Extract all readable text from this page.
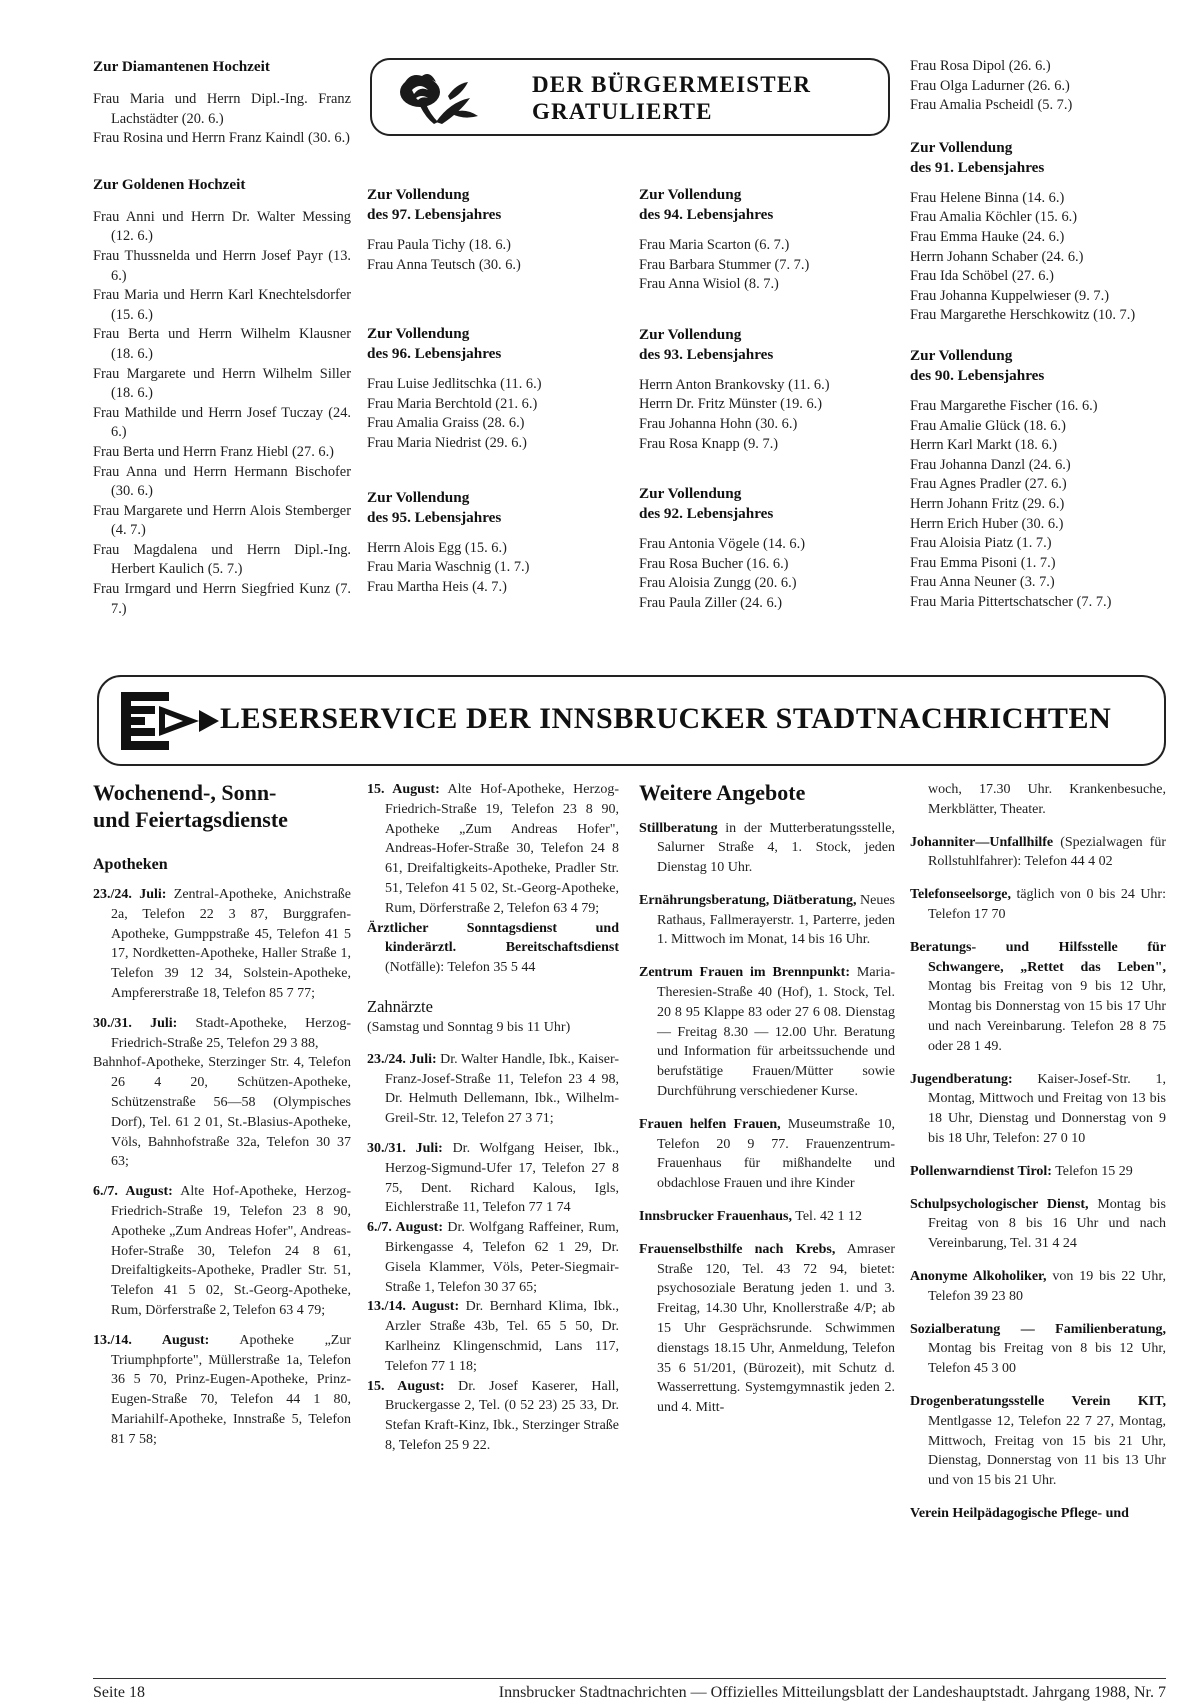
Zur Diamantenen Hochzeit
Frau Maria und Herrn Dipl.-Ing. Franz Lachstädter (20. 6.)
Frau Rosina und Herrn Franz Kaindl (30. 6.)
Zur Goldenen Hochzeit
Frau Anni und Herrn Dr. Walter Messing (12. 6.)
Frau Thussnelda und Herrn Josef Payr (13. 6.)
Frau Maria und Herrn Karl Knechtelsdorfer (15. 6.)
Frau Berta und Herrn Wilhelm Klausner (18. 6.)
Frau Margarete und Herrn Wilhelm Siller (18. 6.)
Frau Mathilde und Herrn Josef Tuczay (24. 6.)
Frau Berta und Herrn Franz Hiebl (27. 6.)
Frau Anna und Herrn Hermann Bischofer (30. 6.)
Frau Margarete und Herrn Alois Stemberger (4. 7.)
Frau Magdalena und Herrn Dipl.-Ing. Herbert Kaulich (5. 7.)
Frau Irmgard und Herrn Siegfried Kunz (7. 7.)
DER BÜRGERMEISTER
GRATULIERTE
Zur Vollendung
des 97. Lebensjahres
Frau Paula Tichy (18. 6.)
Frau Anna Teutsch (30. 6.)
Zur Vollendung
des 96. Lebensjahres
Frau Luise Jedlitschka (11. 6.)
Frau Maria Berchtold (21. 6.)
Frau Amalia Graiss (28. 6.)
Frau Maria Niedrist (29. 6.)
Zur Vollendung
des 95. Lebensjahres
Herrn Alois Egg (15. 6.)
Frau Maria Waschnig (1. 7.)
Frau Martha Heis (4. 7.)
Zur Vollendung
des 94. Lebensjahres
Frau Maria Scarton (6. 7.)
Frau Barbara Stummer (7. 7.)
Frau Anna Wisiol (8. 7.)
Zur Vollendung
des 93. Lebensjahres
Herrn Anton Brankovsky (11. 6.)
Herrn Dr. Fritz Münster (19. 6.)
Frau Johanna Hohn (30. 6.)
Frau Rosa Knapp (9. 7.)
Zur Vollendung
des 92. Lebensjahres
Frau Antonia Vögele (14. 6.)
Frau Rosa Bucher (16. 6.)
Frau Aloisia Zungg (20. 6.)
Frau Paula Ziller (24. 6.)
Frau Rosa Dipol (26. 6.)
Frau Olga Ladurner (26. 6.)
Frau Amalia Pscheidl (5. 7.)
Zur Vollendung
des 91. Lebensjahres
Frau Helene Binna (14. 6.)
Frau Amalia Köchler (15. 6.)
Frau Emma Hauke (24. 6.)
Herrn Johann Schaber (24. 6.)
Frau Ida Schöbel (27. 6.)
Frau Johanna Kuppelwieser (9. 7.)
Frau Margarethe Herschkowitz (10. 7.)
Zur Vollendung
des 90. Lebensjahres
Frau Margarethe Fischer (16. 6.)
Frau Amalie Glück (18. 6.)
Herrn Karl Markt (18. 6.)
Frau Johanna Danzl (24. 6.)
Frau Agnes Pradler (27. 6.)
Herrn Johann Fritz (29. 6.)
Herrn Erich Huber (30. 6.)
Frau Aloisia Piatz (1. 7.)
Frau Emma Pisoni (1. 7.)
Frau Anna Neuner (3. 7.)
Frau Maria Pittertschatscher (7. 7.)
LESERSERVICE DER INNSBRUCKER STADTNACHRICHTEN
Wochenend-, Sonn- und Feiertagsdienste
Apotheken
23./24. Juli: Zentral-Apotheke, Anichstraße 2a, Telefon 22 3 87, Burggrafen-Apotheke, Gumppstraße 45, Telefon 41 5 17, Nordketten-Apotheke, Haller Straße 1, Telefon 39 12 34, Solstein-Apotheke, Ampfererstraße 18, Telefon 85 7 77;
30./31. Juli: Stadt-Apotheke, Herzog-Friedrich-Straße 25, Telefon 29 3 88,
Bahnhof-Apotheke, Sterzinger Str. 4, Telefon 26 4 20, Schützen-Apotheke, Schützenstraße 56—58 (Olympisches Dorf), Tel. 61 2 01, St.-Blasius-Apotheke, Völs, Bahnhofstraße 32a, Telefon 30 37 63;
6./7. August: Alte Hof-Apotheke, Herzog-Friedrich-Straße 19, Telefon 23 8 90, Apotheke „Zum Andreas Hofer", Andreas-Hofer-Straße 30, Telefon 24 8 61, Dreifaltigkeits-Apotheke, Pradler Str. 51, Telefon 41 5 02, St.-Georg-Apotheke, Rum, Dörferstraße 2, Telefon 63 4 79;
13./14. August: Apotheke „Zur Triumphpforte", Müllerstraße 1a, Telefon 36 5 70, Prinz-Eugen-Apotheke, Prinz-Eugen-Straße 70, Telefon 44 1 80, Mariahilf-Apotheke, Innstraße 5, Telefon 81 7 58;
15. August: Alte Hof-Apotheke, Herzog-Friedrich-Straße 19, Telefon 23 8 90, Apotheke „Zum Andreas Hofer", Andreas-Hofer-Straße 30, Telefon 24 8 61, Dreifaltigkeits-Apotheke, Pradler Str. 51, Telefon 41 5 02, St.-Georg-Apotheke, Rum, Dörferstraße 2, Telefon 63 4 79;
Ärztlicher Sonntagsdienst und kinderärztl. Bereitschaftsdienst (Notfälle): Telefon 35 5 44
Zahnärzte
(Samstag und Sonntag 9 bis 11 Uhr)
23./24. Juli: Dr. Walter Handle, Ibk., Kaiser-Franz-Josef-Straße 11, Telefon 23 4 98, Dr. Helmuth Dellemann, Ibk., Wilhelm-Greil-Str. 12, Telefon 27 3 71;
30./31. Juli: Dr. Wolfgang Heiser, Ibk., Herzog-Sigmund-Ufer 17, Telefon 27 8 75, Dent. Richard Kalous, Igls, Eichlerstraße 11, Telefon 77 1 74
6./7. August: Dr. Wolfgang Raffeiner, Rum, Birkengasse 4, Telefon 62 1 29, Dr. Gisela Klammer, Völs, Peter-Siegmair-Straße 1, Telefon 30 37 65;
13./14. August: Dr. Bernhard Klima, Ibk., Arzler Straße 43b, Tel. 65 5 50, Dr. Karlheinz Klingenschmid, Lans 117, Telefon 77 1 18;
15. August: Dr. Josef Kaserer, Hall, Bruckergasse 2, Tel. (0 52 23) 25 33, Dr. Stefan Kraft-Kinz, Ibk., Sterzinger Straße 8, Telefon 25 9 22.
Weitere Angebote
Stillberatung in der Mutterberatungsstelle, Salurner Straße 4, 1. Stock, jeden Dienstag 10 Uhr.
Ernährungsberatung, Diätberatung, Neues Rathaus, Fallmerayerstr. 1, Parterre, jeden 1. Mittwoch im Monat, 14 bis 16 Uhr.
Zentrum Frauen im Brennpunkt: Maria-Theresien-Straße 40 (Hof), 1. Stock, Tel. 20 8 95 Klappe 83 oder 27 6 08. Dienstag — Freitag 8.30 — 12.00 Uhr. Beratung und Information für arbeitssuchende und berufstätige Frauen/Mütter sowie Durchführung verschiedener Kurse.
Frauen helfen Frauen, Museumstraße 10, Telefon 20 9 77. Frauenzentrum-Frauenhaus für mißhandelte und obdachlose Frauen und ihre Kinder
Innsbrucker Frauenhaus, Tel. 42 1 12
Frauenselbsthilfe nach Krebs, Amraser Straße 120, Tel. 43 72 94, bietet: psychosoziale Beratung jeden 1. und 3. Freitag, 14.30 Uhr, Knollerstraße 4/P; ab 15 Uhr Gesprächsrunde. Schwimmen dienstags 18.15 Uhr, Anmeldung, Telefon 35 6 51/201, (Bürozeit), mit Schutz d. Wasserrettung. Systemgymnastik jeden 2. und 4. Mitt-
woch, 17.30 Uhr. Krankenbesuche, Merkblätter, Theater.
Johanniter—Unfallhilfe (Spezialwagen für Rollstuhlfahrer): Telefon 44 4 02
Telefonseelsorge, täglich von 0 bis 24 Uhr: Telefon 17 70
Beratungs- und Hilfsstelle für Schwangere, „Rettet das Leben", Montag bis Freitag von 9 bis 12 Uhr, Montag bis Donnerstag von 15 bis 17 Uhr und nach Vereinbarung. Telefon 28 8 75 oder 28 1 49.
Jugendberatung: Kaiser-Josef-Str. 1, Montag, Mittwoch und Freitag von 13 bis 18 Uhr, Dienstag und Donnerstag von 9 bis 18 Uhr, Telefon: 27 0 10
Pollenwarndienst Tirol: Telefon 15 29
Schulpsychologischer Dienst, Montag bis Freitag von 8 bis 16 Uhr und nach Vereinbarung, Tel. 31 4 24
Anonyme Alkoholiker, von 19 bis 22 Uhr, Telefon 39 23 80
Sozialberatung — Familienberatung, Montag bis Freitag von 8 bis 12 Uhr, Telefon 45 3 00
Drogenberatungsstelle Verein KIT, Mentlgasse 12, Telefon 22 7 27, Montag, Mittwoch, Freitag von 15 bis 21 Uhr, Dienstag, Donnerstag von 11 bis 13 Uhr und von 15 bis 21 Uhr.
Verein Heilpädagogische Pflege- und
Seite 18	Innsbrucker Stadtnachrichten — Offizielles Mitteilungsblatt der Landeshauptstadt. Jahrgang 1988, Nr. 7
